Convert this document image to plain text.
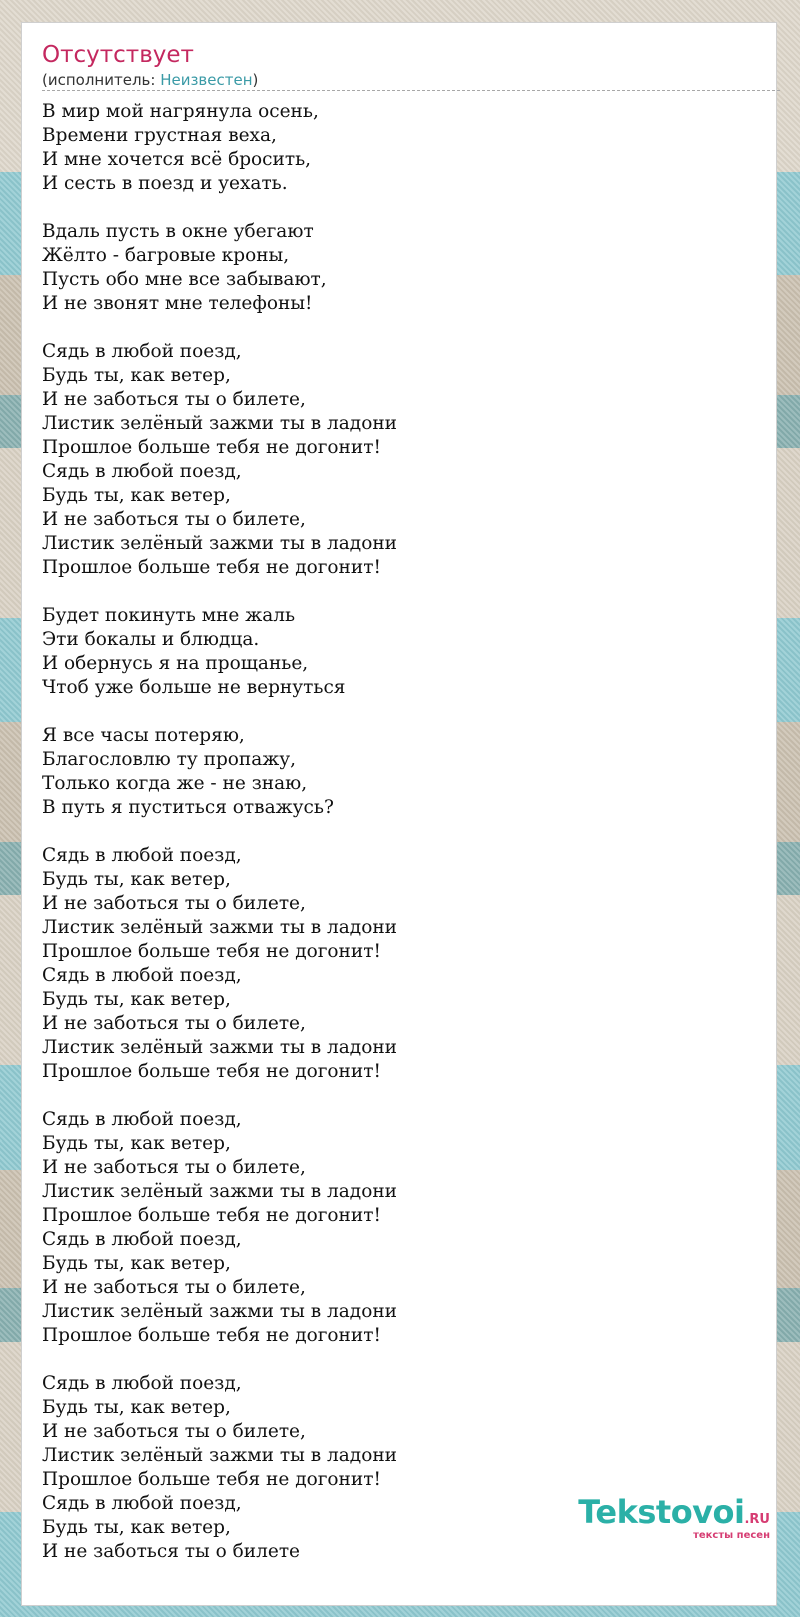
Отсутствует
(исполнитель: Неизвестен)
В мир мой нагрянула осень,
Времени грустная веха,
И мне хочется всё бросить,
И сесть в поезд и уехать.
Вдаль пусть в окне убегают
Жёлто - багровые кроны,
Пусть обо мне все забывают,
И не звонят мне телефоны!
Сядь в любой поезд,
Будь ты, как ветер,
И не заботься ты о билете,
Листик зелёный зажми ты в ладони
Прошлое больше тебя не догонит!
Сядь в любой поезд,
Будь ты, как ветер,
И не заботься ты о билете,
Листик зелёный зажми ты в ладони
Прошлое больше тебя не догонит!
Будет покинуть мне жаль
Эти бокалы и блюдца.
И обернусь я на прощанье,
Чтоб уже больше не вернуться
Я все часы потеряю,
Благословлю ту пропажу,
Только когда же - не знаю,
В путь я пуститься отважусь?
Сядь в любой поезд,
Будь ты, как ветер,
И не заботься ты о билете,
Листик зелёный зажми ты в ладони
Прошлое больше тебя не догонит!
Сядь в любой поезд,
Будь ты, как ветер,
И не заботься ты о билете,
Листик зелёный зажми ты в ладони
Прошлое больше тебя не догонит!
Сядь в любой поезд,
Будь ты, как ветер,
И не заботься ты о билете,
Листик зелёный зажми ты в ладони
Прошлое больше тебя не догонит!
Сядь в любой поезд,
Будь ты, как ветер,
И не заботься ты о билете,
Листик зелёный зажми ты в ладони
Прошлое больше тебя не догонит!
Сядь в любой поезд,
Будь ты, как ветер,
И не заботься ты о билете,
Листик зелёный зажми ты в ладони
Прошлое больше тебя не догонит!
Сядь в любой поезд,
Будь ты, как ветер,
И не заботься ты о билете
Tekstovoi.RU
тексты песен
